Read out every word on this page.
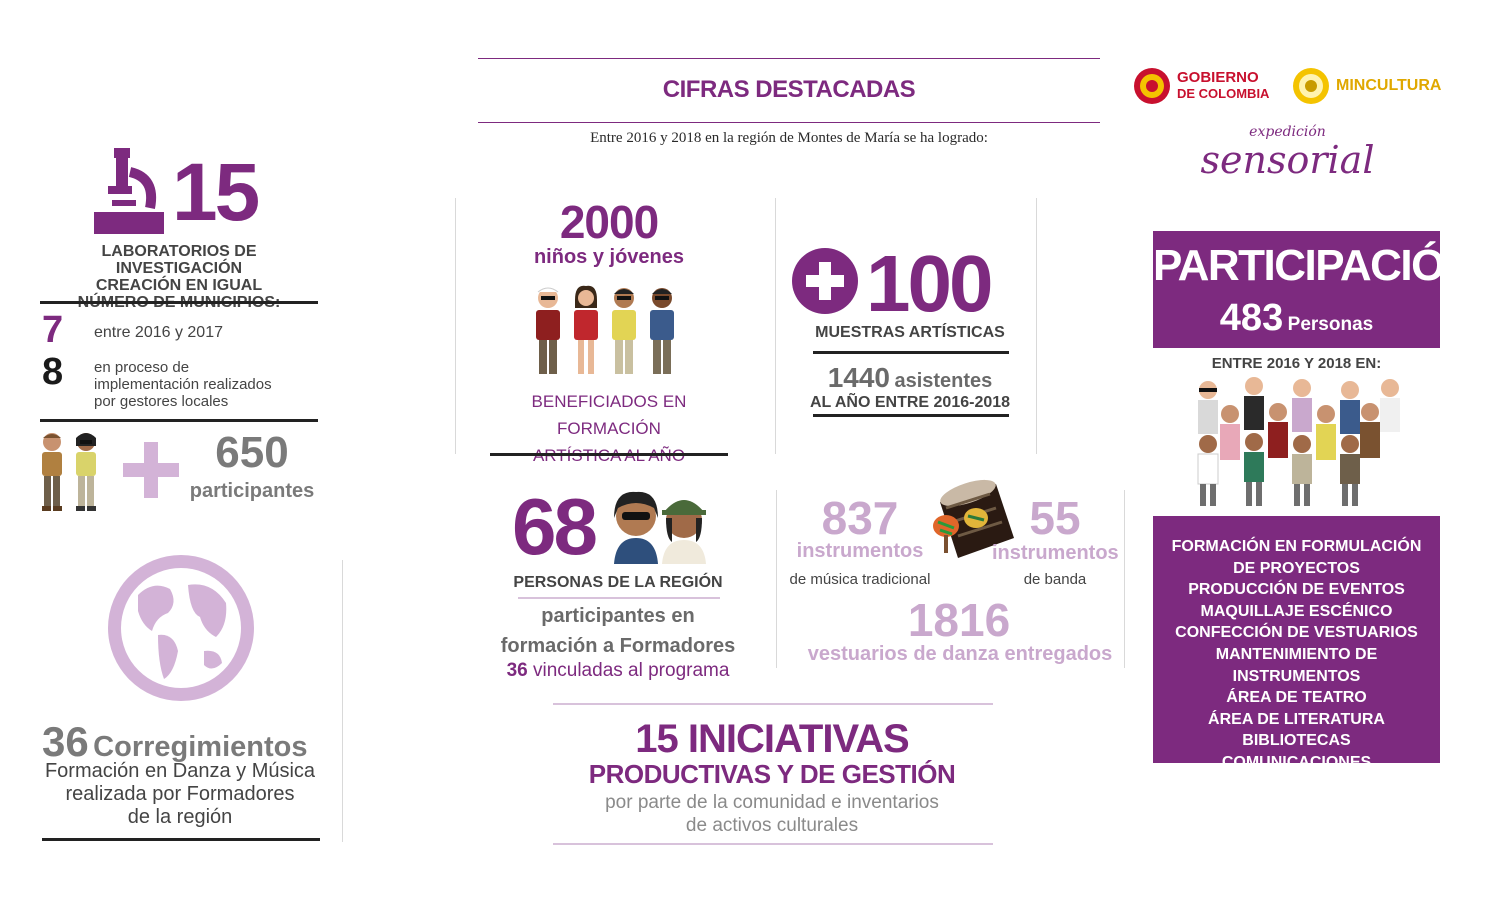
CIFRAS DESTACADAS
Entre 2016 y 2018 en la región de Montes de María se ha logrado:
GOBIERNO
DE COLOMBIA	MINCULTURA
expedición
sensorial
15
LABORATORIOS DE INVESTIGACIÓN
CREACIÓN EN IGUAL
7 entre 2016 y 2017
8 en proceso de
implementación realizados
por gestores locales
650
participantes
36 Corregimientos
Formación en Danza y Música
realizada por Formadores
de la región
2000
niños y jóvenes
BENEFICIADOS EN FORMACIÓN
100
MUESTRAS ARTÍSTICAS
1440 asistentes
AL AÑO ENTRE 2016-2018
68
PERSONAS DE LA REGIÓN
participantes en
formación a Formadores
36 vinculadas al programa
837
instrumentos
de música tradicional
55
instrumentos
de banda
1816
vestuarios de danza entregados
15 INICIATIVAS
PRODUCTIVAS Y DE GESTIÓN
por parte de la comunidad e inventarios
de activos culturales
PARTICIPACIÓN
483 Personas
ENTRE 2016 Y 2018 EN:
FORMACIÓN EN FORMULACIÓN
DE PROYECTOS
PRODUCCIÓN DE EVENTOS
MAQUILLAJE ESCÉNICO
CONFECCIÓN DE VESTUARIOS
MANTENIMIENTO DE INSTRUMENTOS
ÁREA DE TEATRO
ÁREA DE LITERATURA
BIBLIOTECAS
COMUNICACIONES
